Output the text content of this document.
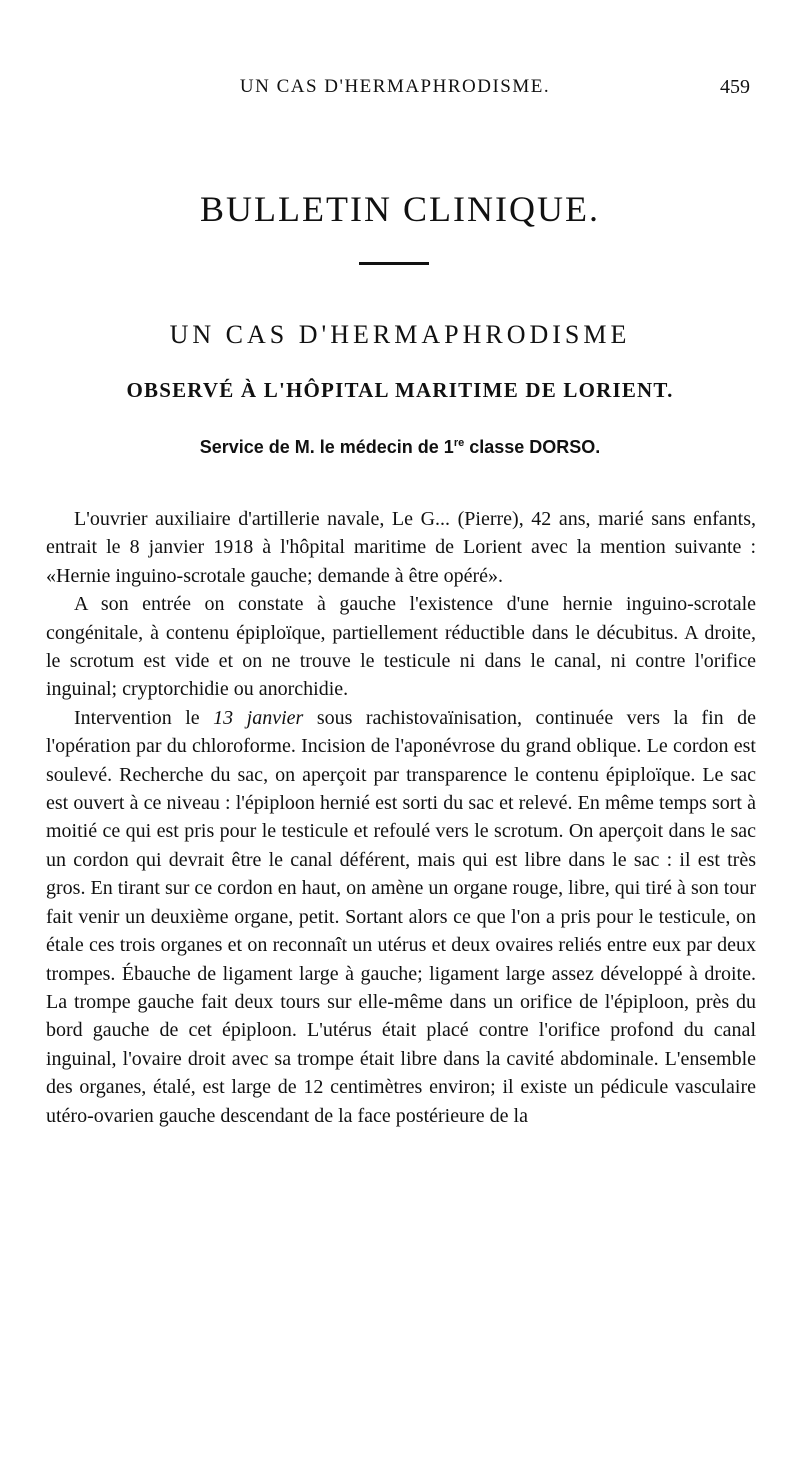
UN CAS D'HERMAPHRODISME.	459
BULLETIN CLINIQUE.
UN CAS D'HERMAPHRODISME
OBSERVÉ À L'HÔPITAL MARITIME DE LORIENT.
Service de M. le médecin de 1re classe DORSO.

L'ouvrier auxiliaire d'artillerie navale, Le G... (Pierre), 42 ans, marié sans enfants, entrait le 8 janvier 1918 à l'hôpital maritime de Lorient avec la mention suivante : «Hernie inguino-scrotale gauche; demande à être opéré».

A son entrée on constate à gauche l'existence d'une hernie inguino-scrotale congénitale, à contenu épiploïque, partiellement réductible dans le décubitus. A droite, le scrotum est vide et on ne trouve le testicule ni dans le canal, ni contre l'orifice inguinal; cryptorchidie ou anorchidie.

Intervention le 13 janvier sous rachistovaïnisation, continuée vers la fin de l'opération par du chloroforme. Incision de l'aponévrose du grand oblique. Le cordon est soulevé. Recherche du sac, on aperçoit par transparence le contenu épiploïque. Le sac est ouvert à ce niveau : l'épiploon hernié est sorti du sac et relevé. En même temps sort à moitié ce qui est pris pour le testicule et refoulé vers le scrotum. On aperçoit dans le sac un cordon qui devrait être le canal déférent, mais qui est libre dans le sac : il est très gros. En tirant sur ce cordon en haut, on amène un organe rouge, libre, qui tiré à son tour fait venir un deuxième organe, petit. Sortant alors ce que l'on a pris pour le testicule, on étale ces trois organes et on reconnaît un utérus et deux ovaires reliés entre eux par deux trompes. Ébauche de ligament large à gauche; ligament large assez développé à droite. La trompe gauche fait deux tours sur elle-même dans un orifice de l'épiploon, près du bord gauche de cet épiploon. L'utérus était placé contre l'orifice profond du canal inguinal, l'ovaire droit avec sa trompe était libre dans la cavité abdominale. L'ensemble des organes, étalé, est large de 12 centimètres environ; il existe un pédicule vasculaire utéro-ovarien gauche descendant de la face postérieure de la
